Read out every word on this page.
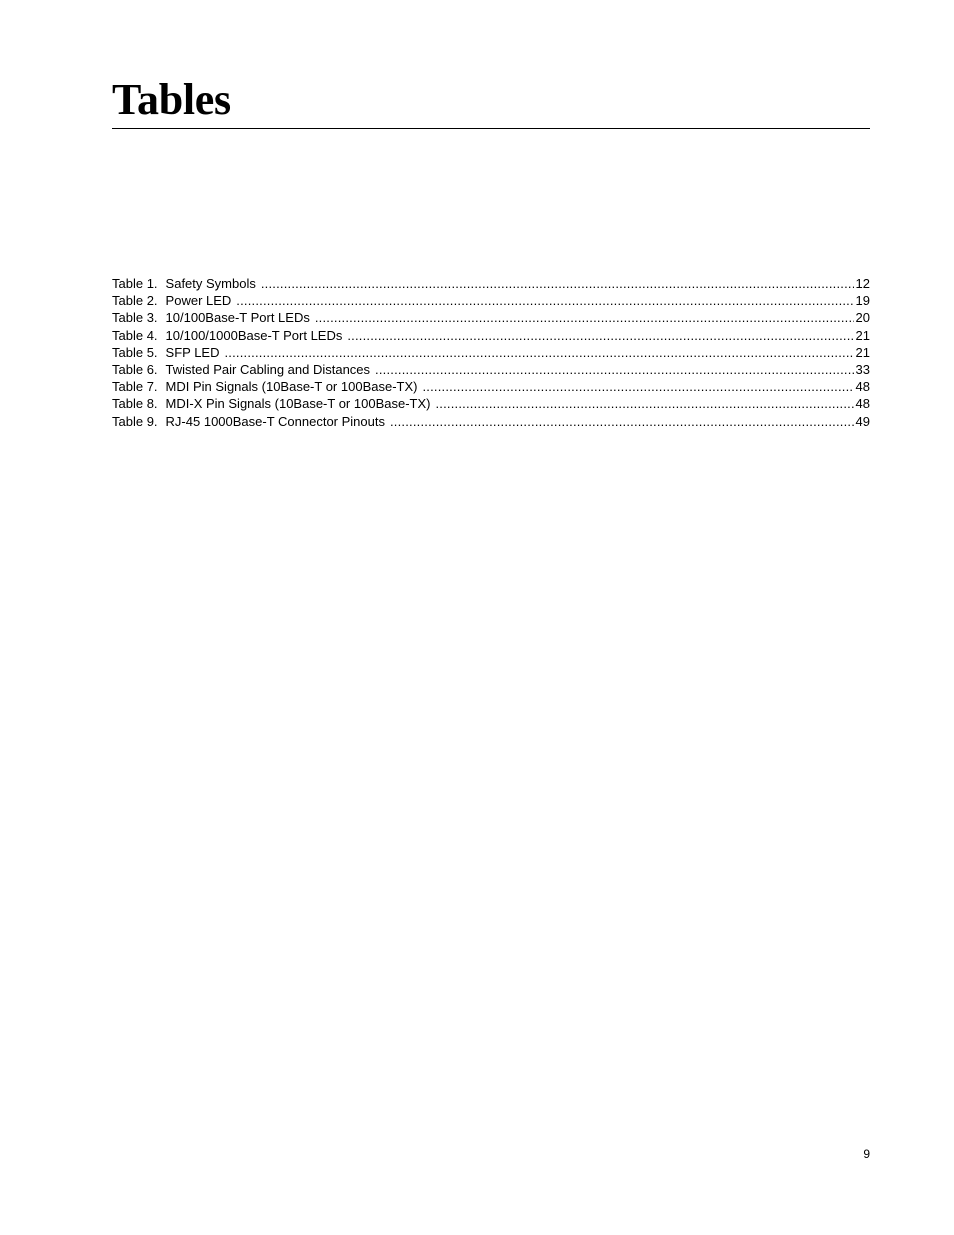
Tables
Table 1. Safety Symbols .....	12
Table 2. Power LED .....	19
Table 3. 10/100Base-T Port LEDs .....	20
Table 4. 10/100/1000Base-T Port LEDs .....	21
Table 5. SFP LED .....	21
Table 6. Twisted Pair Cabling and Distances .....	33
Table 7. MDI Pin Signals (10Base-T or 100Base-TX) .....	48
Table 8. MDI-X Pin Signals (10Base-T or 100Base-TX) .....	48
Table 9. RJ-45 1000Base-T Connector Pinouts .....	49
9
